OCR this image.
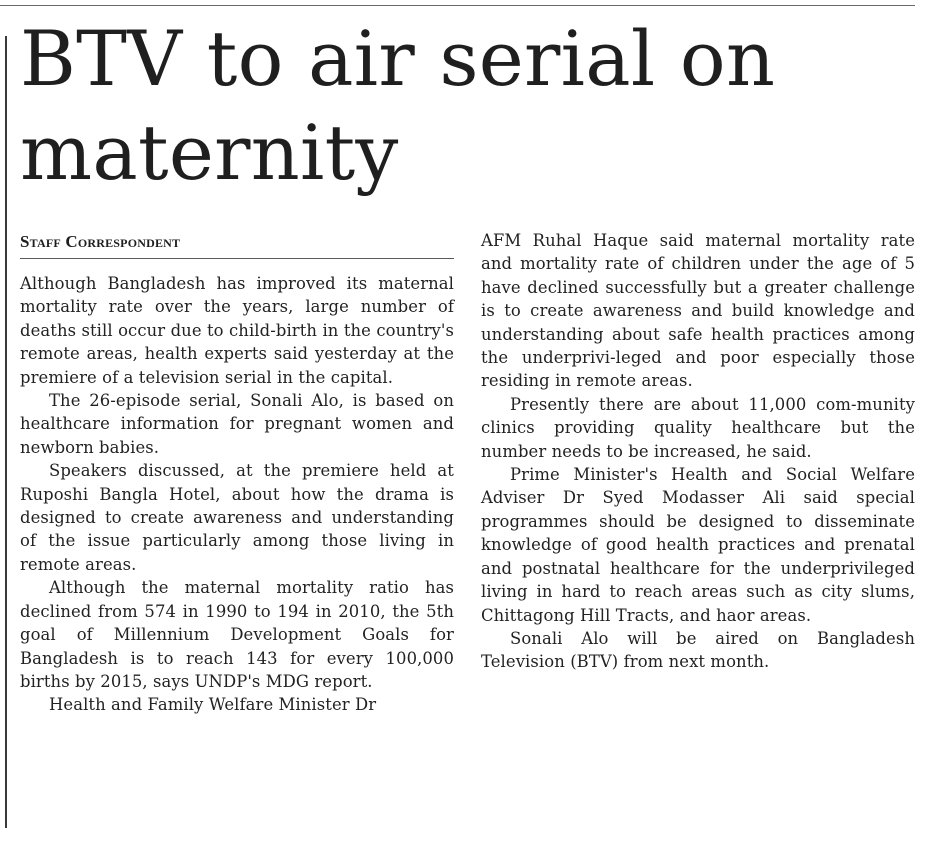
BTV to air serial on maternity
Staff Correspondent

Although Bangladesh has improved its maternal mortality rate over the years, large number of deaths still occur due to child-birth in the country's remote areas, health experts said yesterday at the premiere of a television serial in the capital.

The 26-episode serial, Sonali Alo, is based on healthcare information for pregnant women and newborn babies.

Speakers discussed, at the premiere held at Ruposhi Bangla Hotel, about how the drama is designed to create awareness and understanding of the issue particularly among those living in remote areas.

Although the maternal mortality ratio has declined from 574 in 1990 to 194 in 2010, the 5th goal of Millennium Development Goals for Bangladesh is to reach 143 for every 100,000 births by 2015, says UNDP's MDG report.

Health and Family Welfare Minister Dr

AFM Ruhal Haque said maternal mortality rate and mortality rate of children under the age of 5 have declined successfully but a greater challenge is to create awareness and build knowledge and understanding about safe health practices among the underprivi-leged and poor especially those residing in remote areas.

Presently there are about 11,000 com-munity clinics providing quality healthcare but the number needs to be increased, he said.

Prime Minister's Health and Social Welfare Adviser Dr Syed Modasser Ali said special programmes should be designed to disseminate knowledge of good health practices and prenatal and postnatal healthcare for the underprivileged living in hard to reach areas such as city slums, Chittagong Hill Tracts, and haor areas.

Sonali Alo will be aired on Bangladesh Television (BTV) from next month.
